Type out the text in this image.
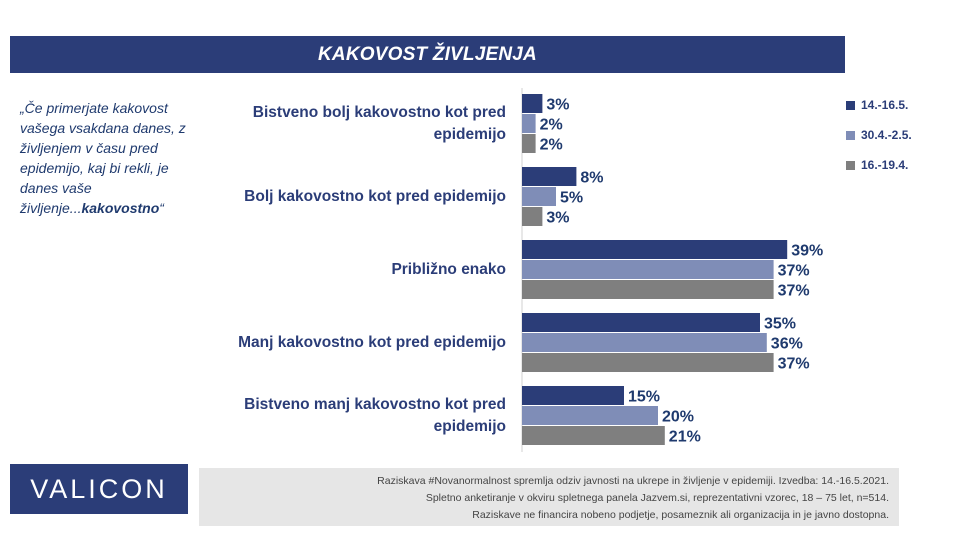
KAKOVOST ŽIVLJENJA
„Če primerjate kakovost vašega vsakdana danes, z življenjem v času pred epidemijo, kaj bi rekli, je danes vaše življenje...kakovostno“
Bistveno bolj kakovostno kot pred epidemijo
Bolj kakovostno kot pred epidemijo
Približno enako
Manj kakovostno kot pred epidemijo
Bistveno manj kakovostno kot pred epidemijo
3%
2%
2%
8%
5%
3%
39%
37%
37%
35%
36%
37%
15%
20%
21%
14.-16.5.
30.4.-2.5.
16.-19.4.
VALICON	Raziskava #Novanormalnost spremlja odziv javnosti na ukrepe in življenje v epidemiji. Izvedba: 14.-16.5.2021.
Spletno anketiranje v okviru spletnega panela Jazvem.si, reprezentativni vzorec, 18 – 75 let, n=514.
Raziskave ne financira nobeno podjetje, posameznik ali organizacija in je javno dostopna.
